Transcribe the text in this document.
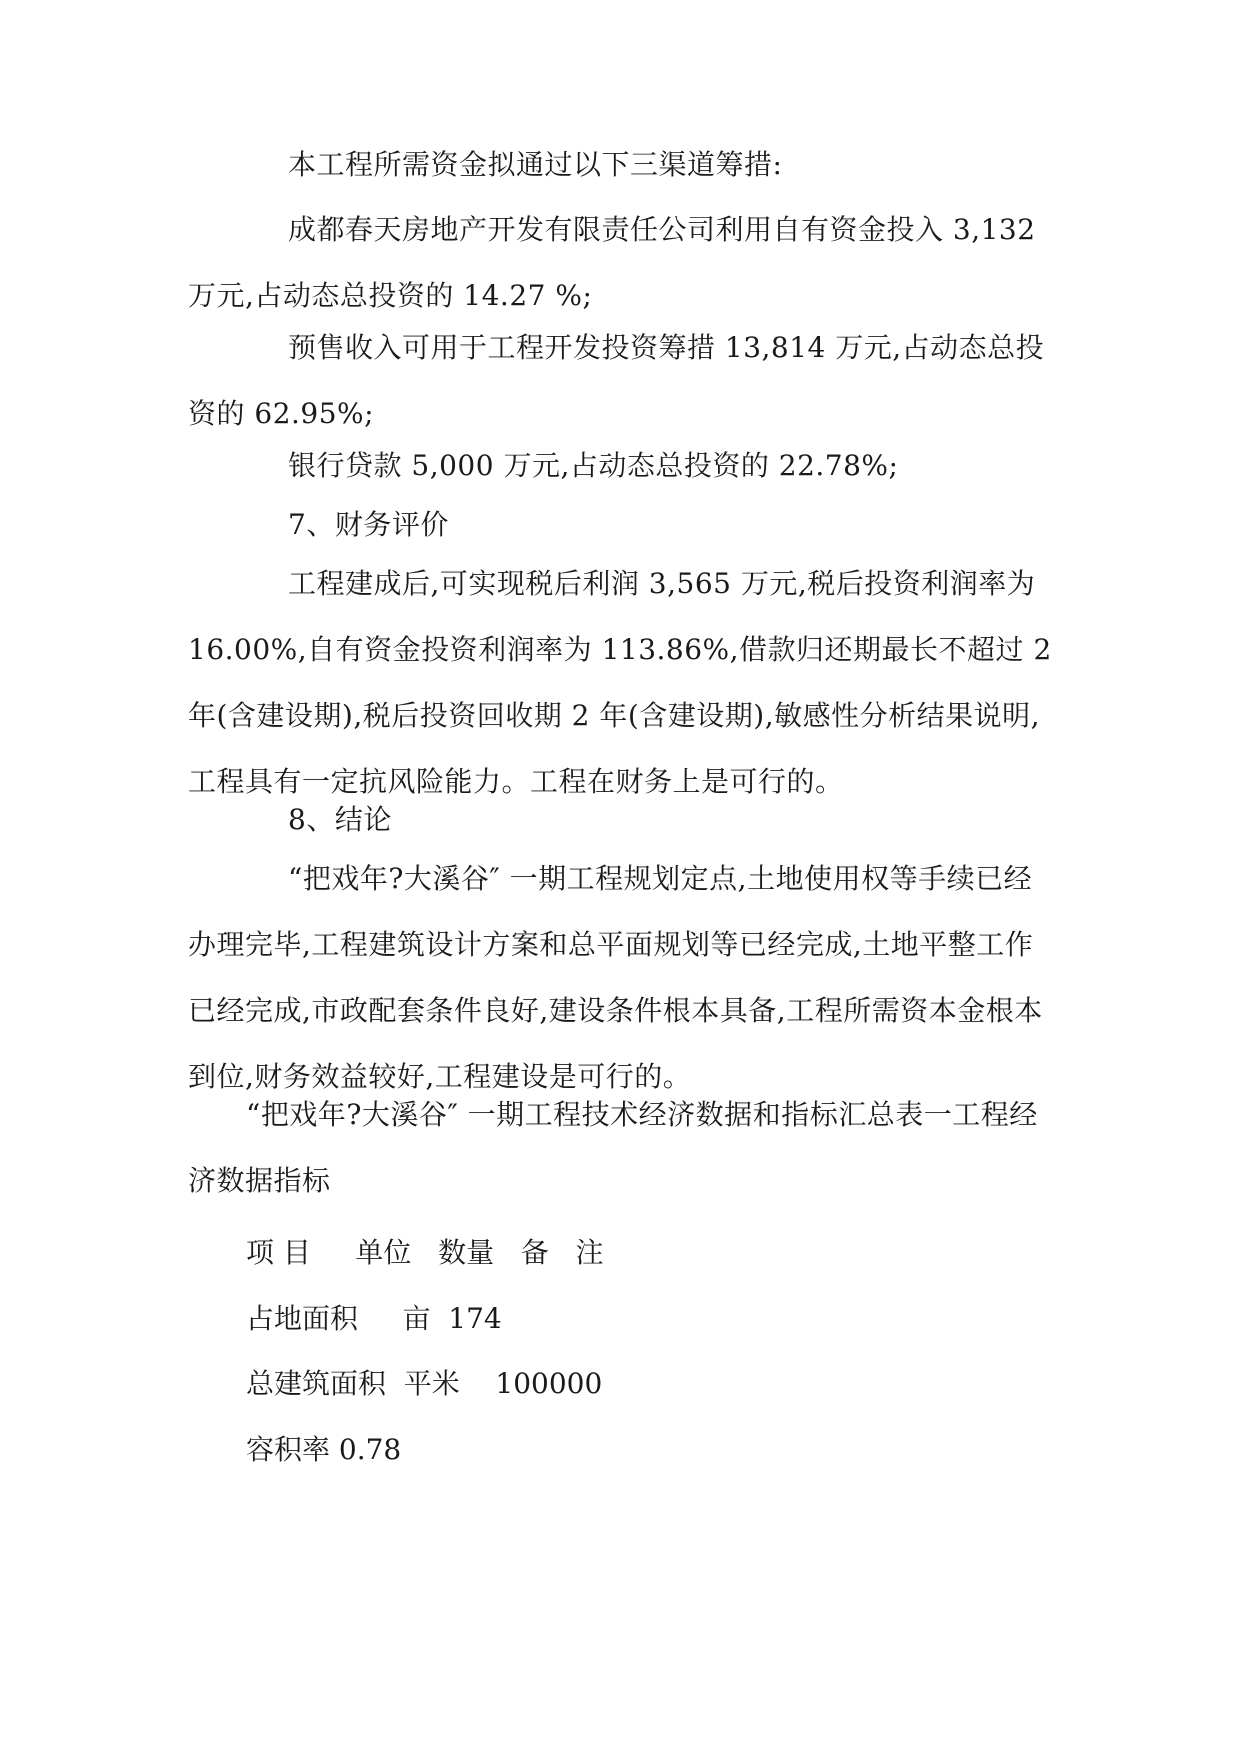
本工程所需资金拟通过以下三渠道筹措:
成都春天房地产开发有限责任公司利用自有资金投入 3,132 万元,占动态总投资的 14.27 %;
预售收入可用于工程开发投资筹措 13,814 万元,占动态总投资的 62.95%;
银行贷款 5,000 万元,占动态总投资的 22.78%;
7、财务评价
工程建成后,可实现税后利润 3,565 万元,税后投资利润率为16.00%,自有资金投资利润率为 113.86%,借款归还期最长不超过 2 年(含建设期),税后投资回收期 2 年(含建设期),敏感性分析结果说明,工程具有一定抗风险能力。工程在财务上是可行的。
8、结论
“把戏年?大溪谷″ 一期工程规划定点,土地使用权等手续已经办理完毕,工程建筑设计方案和总平面规划等已经完成,土地平整工作已经完成,市政配套条件良好,建设条件根本具备,工程所需资本金根本到位,财务效益较好,工程建设是可行的。
“把戏年?大溪谷″ 一期工程技术经济数据和指标汇总表一工程经济数据指标
项 目     单位   数量   备   注
占地面积     亩  174
总建筑面积  平米    100000
容积率 0.78
